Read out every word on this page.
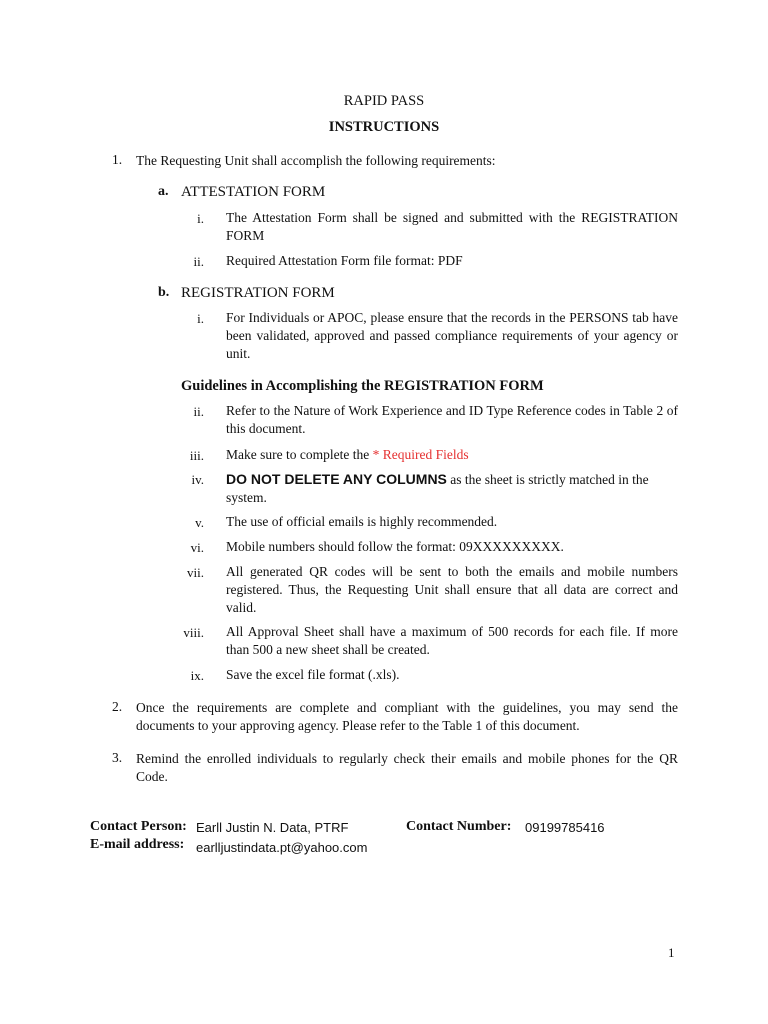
RAPID PASS
INSTRUCTIONS
1. The Requesting Unit shall accomplish the following requirements:
a. ATTESTATION FORM
i. The Attestation Form shall be signed and submitted with the REGISTRATION FORM
ii. Required Attestation Form file format: PDF
b. REGISTRATION FORM
i. For Individuals or APOC, please ensure that the records in the PERSONS tab have been validated, approved and passed compliance requirements of your agency or unit.
Guidelines in Accomplishing the REGISTRATION FORM
ii. Refer to the Nature of Work Experience and ID Type Reference codes in Table 2 of this document.
iii. Make sure to complete the * Required Fields
iv. DO NOT DELETE ANY COLUMNS as the sheet is strictly matched in the system.
v. The use of official emails is highly recommended.
vi. Mobile numbers should follow the format: 09XXXXXXXXX.
vii. All generated QR codes will be sent to both the emails and mobile numbers registered. Thus, the Requesting Unit shall ensure that all data are correct and valid.
viii. All Approval Sheet shall have a maximum of 500 records for each file. If more than 500 a new sheet shall be created.
ix. Save the excel file format (.xls).
2. Once the requirements are complete and compliant with the guidelines, you may send the documents to your approving agency. Please refer to the Table 1 of this document.
3. Remind the enrolled individuals to regularly check their emails and mobile phones for the QR Code.
Contact Person: Earll Justin N. Data, PTRF	Contact Number: 09199785416
E-mail address: earlljustindata.pt@yahoo.com
1
